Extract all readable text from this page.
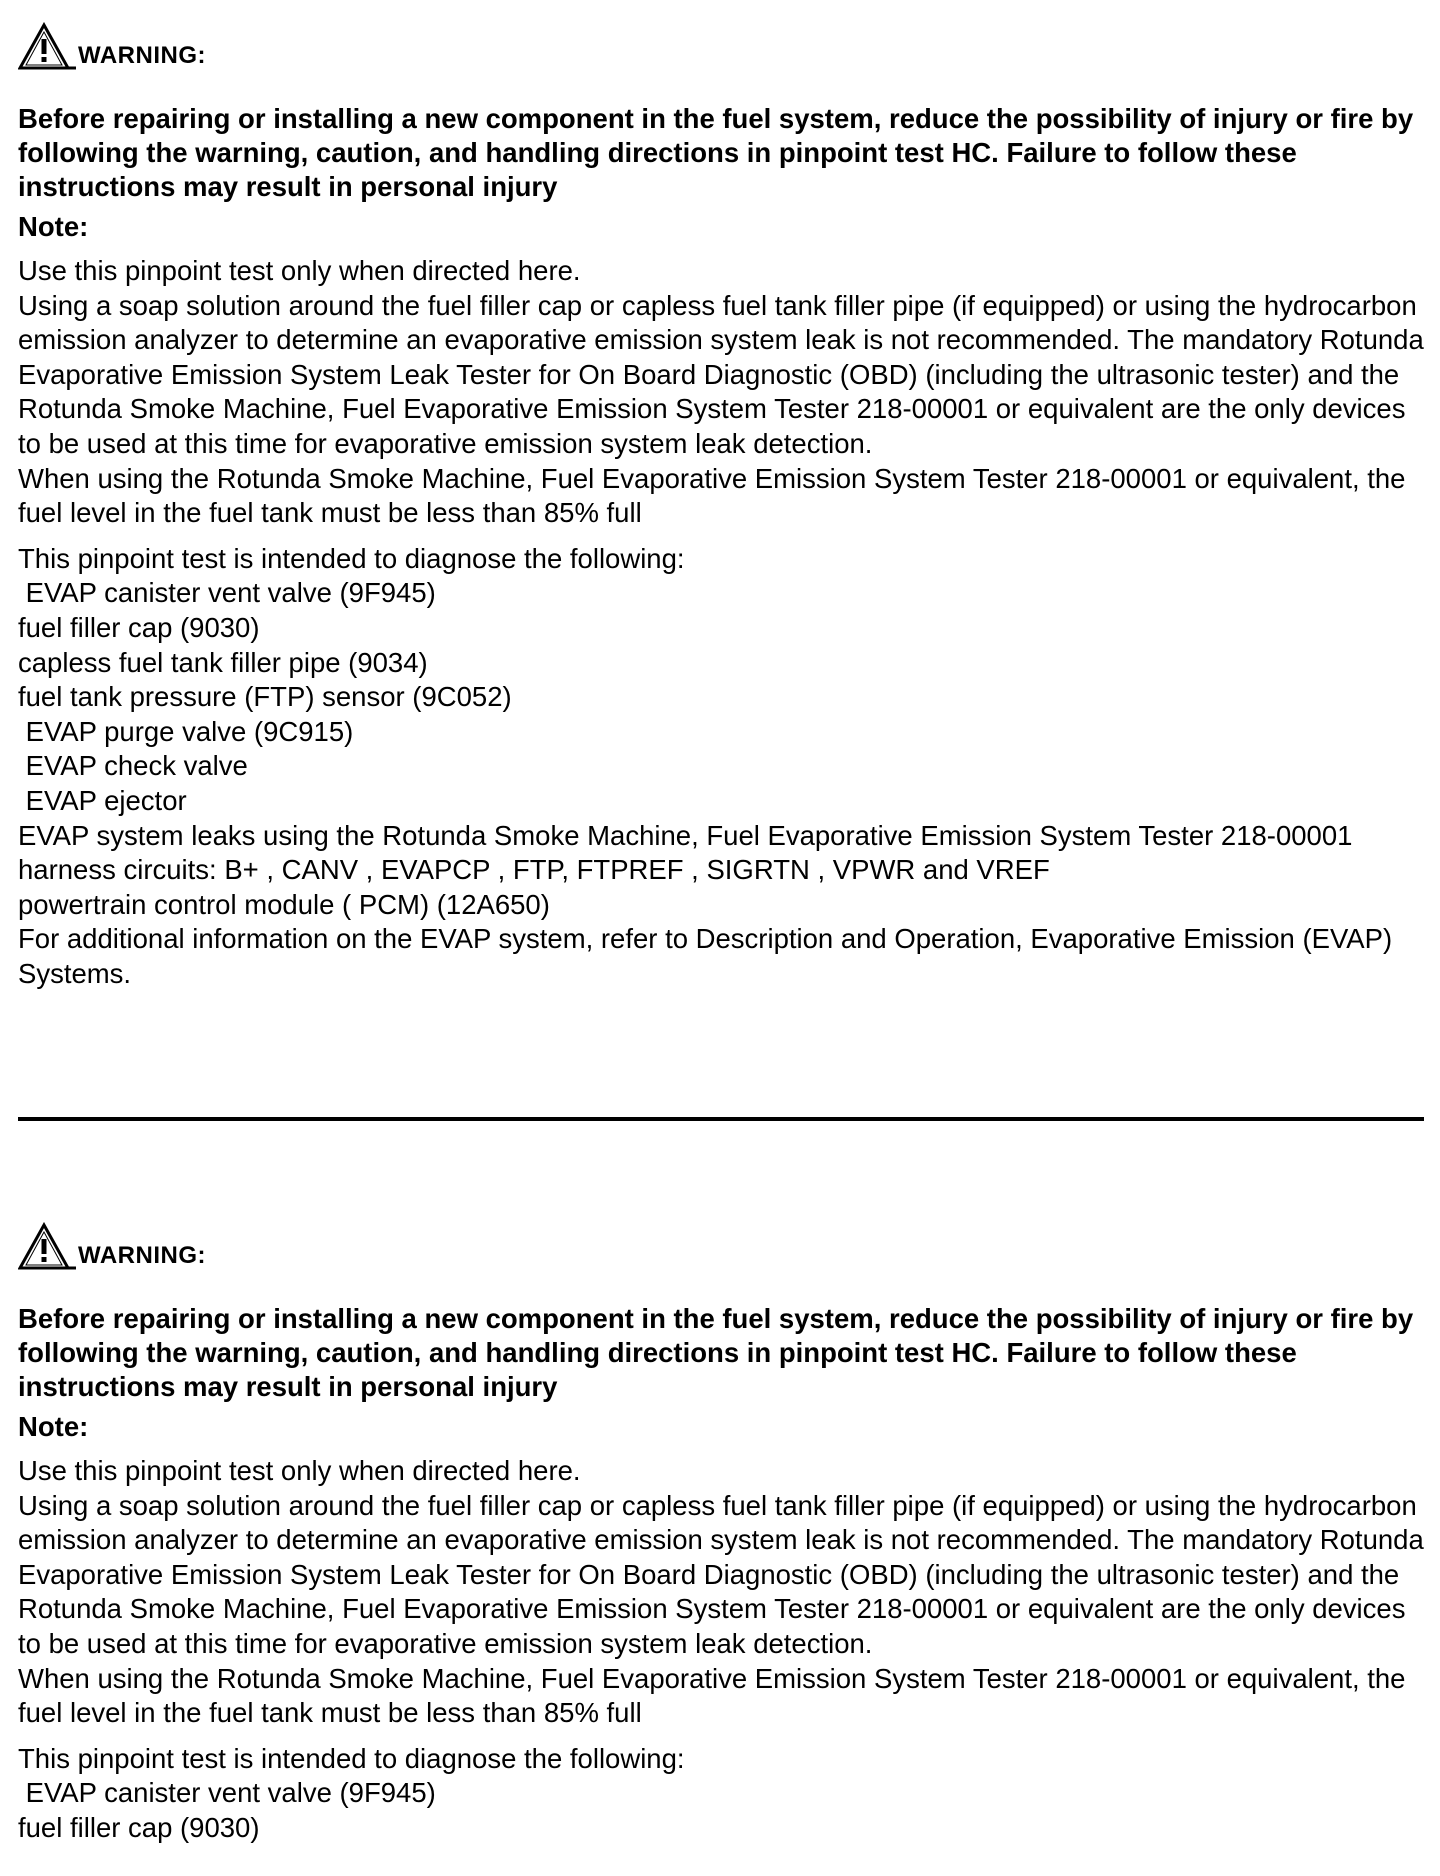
WARNING:
Before repairing or installing a new component in the fuel system, reduce the possibility of injury or fire by following the warning, caution, and handling directions in pinpoint test HC. Failure to follow these instructions may result in personal injury
Note:
Use this pinpoint test only when directed here.
Using a soap solution around the fuel filler cap or capless fuel tank filler pipe (if equipped) or using the hydrocarbon emission analyzer to determine an evaporative emission system leak is not recommended. The mandatory Rotunda Evaporative Emission System Leak Tester for On Board Diagnostic (OBD) (including the ultrasonic tester) and the Rotunda Smoke Machine, Fuel Evaporative Emission System Tester 218-00001 or equivalent are the only devices to be used at this time for evaporative emission system leak detection.
When using the Rotunda Smoke Machine, Fuel Evaporative Emission System Tester 218-00001 or equivalent, the fuel level in the fuel tank must be less than 85% full
This pinpoint test is intended to diagnose the following:
EVAP canister vent valve (9F945)
fuel filler cap (9030)
capless fuel tank filler pipe (9034)
fuel tank pressure (FTP) sensor (9C052)
EVAP purge valve (9C915)
EVAP check valve
EVAP ejector
EVAP system leaks using the Rotunda Smoke Machine, Fuel Evaporative Emission System Tester 218-00001
harness circuits: B+ , CANV , EVAPCP , FTP, FTPREF , SIGRTN , VPWR and VREF
powertrain control module ( PCM) (12A650)
For additional information on the EVAP system, refer to Description and Operation, Evaporative Emission (EVAP) Systems.
WARNING:
Before repairing or installing a new component in the fuel system, reduce the possibility of injury or fire by following the warning, caution, and handling directions in pinpoint test HC. Failure to follow these instructions may result in personal injury
Note:
Use this pinpoint test only when directed here.
Using a soap solution around the fuel filler cap or capless fuel tank filler pipe (if equipped) or using the hydrocarbon emission analyzer to determine an evaporative emission system leak is not recommended. The mandatory Rotunda Evaporative Emission System Leak Tester for On Board Diagnostic (OBD) (including the ultrasonic tester) and the Rotunda Smoke Machine, Fuel Evaporative Emission System Tester 218-00001 or equivalent are the only devices to be used at this time for evaporative emission system leak detection.
When using the Rotunda Smoke Machine, Fuel Evaporative Emission System Tester 218-00001 or equivalent, the fuel level in the fuel tank must be less than 85% full
This pinpoint test is intended to diagnose the following:
EVAP canister vent valve (9F945)
fuel filler cap (9030)
